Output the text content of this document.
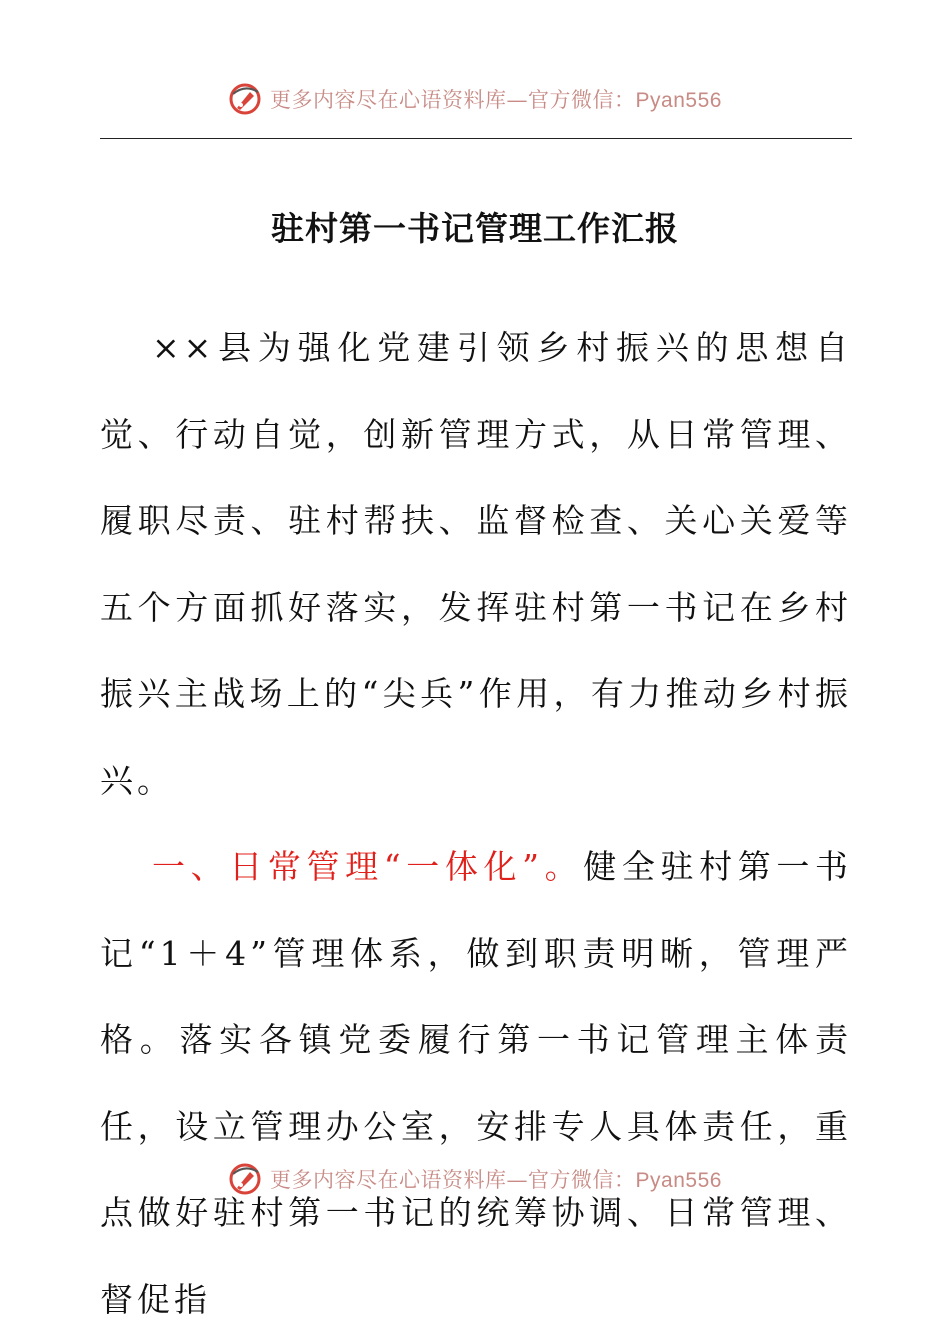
更多内容尽在心语资料库—官方微信：Pyan556
驻村第一书记管理工作汇报

××县为强化党建引领乡村振兴的思想自觉、行动自觉，创新管理方式，从日常管理、履职尽责、驻村帮扶、监督检查、关心关爱等五个方面抓好落实，发挥驻村第一书记在乡村振兴主战场上的“尖兵”作用，有力推动乡村振兴。

一、日常管理“一体化”。健全驻村第一书记“1＋4”管理体系，做到职责明晰，管理严格。落实各镇党委履行第一书记管理主体责任，设立管理办公室，安排专人具体责任，重点做好驻村第一书记的统筹协调、日常管理、督促指

更多内容尽在心语资料库—官方微信：Pyan556
